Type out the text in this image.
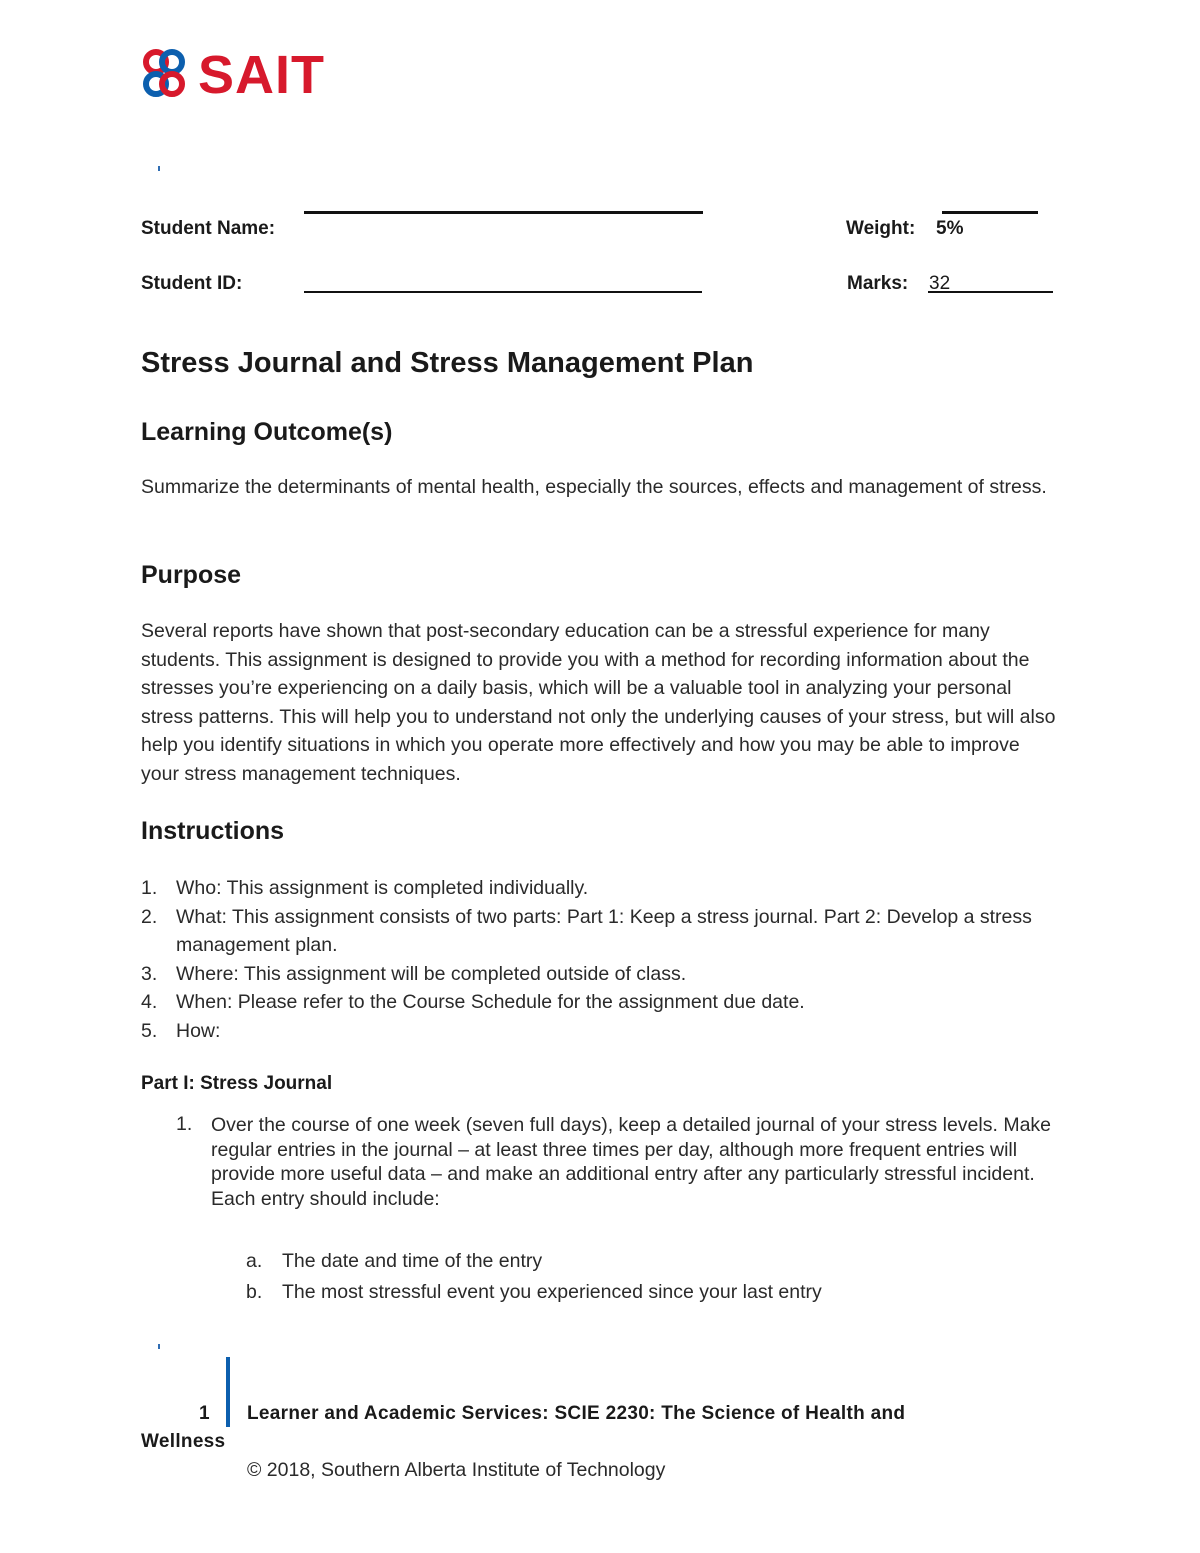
SAIT
Student Name:	Weight: 5%
Student ID:	Marks: 32
Stress Journal and Stress Management Plan
Learning Outcome(s)
Summarize the determinants of mental health, especially the sources, effects and management of stress.
Purpose
Several reports have shown that post-secondary education can be a stressful experience for many students. This assignment is designed to provide you with a method for recording information about the stresses you’re experiencing on a daily basis, which will be a valuable tool in analyzing your personal stress patterns. This will help you to understand not only the underlying causes of your stress, but will also help you identify situations in which you operate more effectively and how you may be able to improve your stress management techniques.
Instructions
1. Who: This assignment is completed individually.
2. What: This assignment consists of two parts: Part 1: Keep a stress journal. Part 2: Develop a stress management plan.
3. Where: This assignment will be completed outside of class.
4. When: Please refer to the Course Schedule for the assignment due date.
5. How:
Part I: Stress Journal
1. Over the course of one week (seven full days), keep a detailed journal of your stress levels. Make regular entries in the journal – at least three times per day, although more frequent entries will provide more useful data – and make an additional entry after any particularly stressful incident. Each entry should include:
a. The date and time of the entry
b. The most stressful event you experienced since your last entry
1 Learner and Academic Services: SCIE 2230: The Science of Health and
Wellness
© 2018, Southern Alberta Institute of Technology
